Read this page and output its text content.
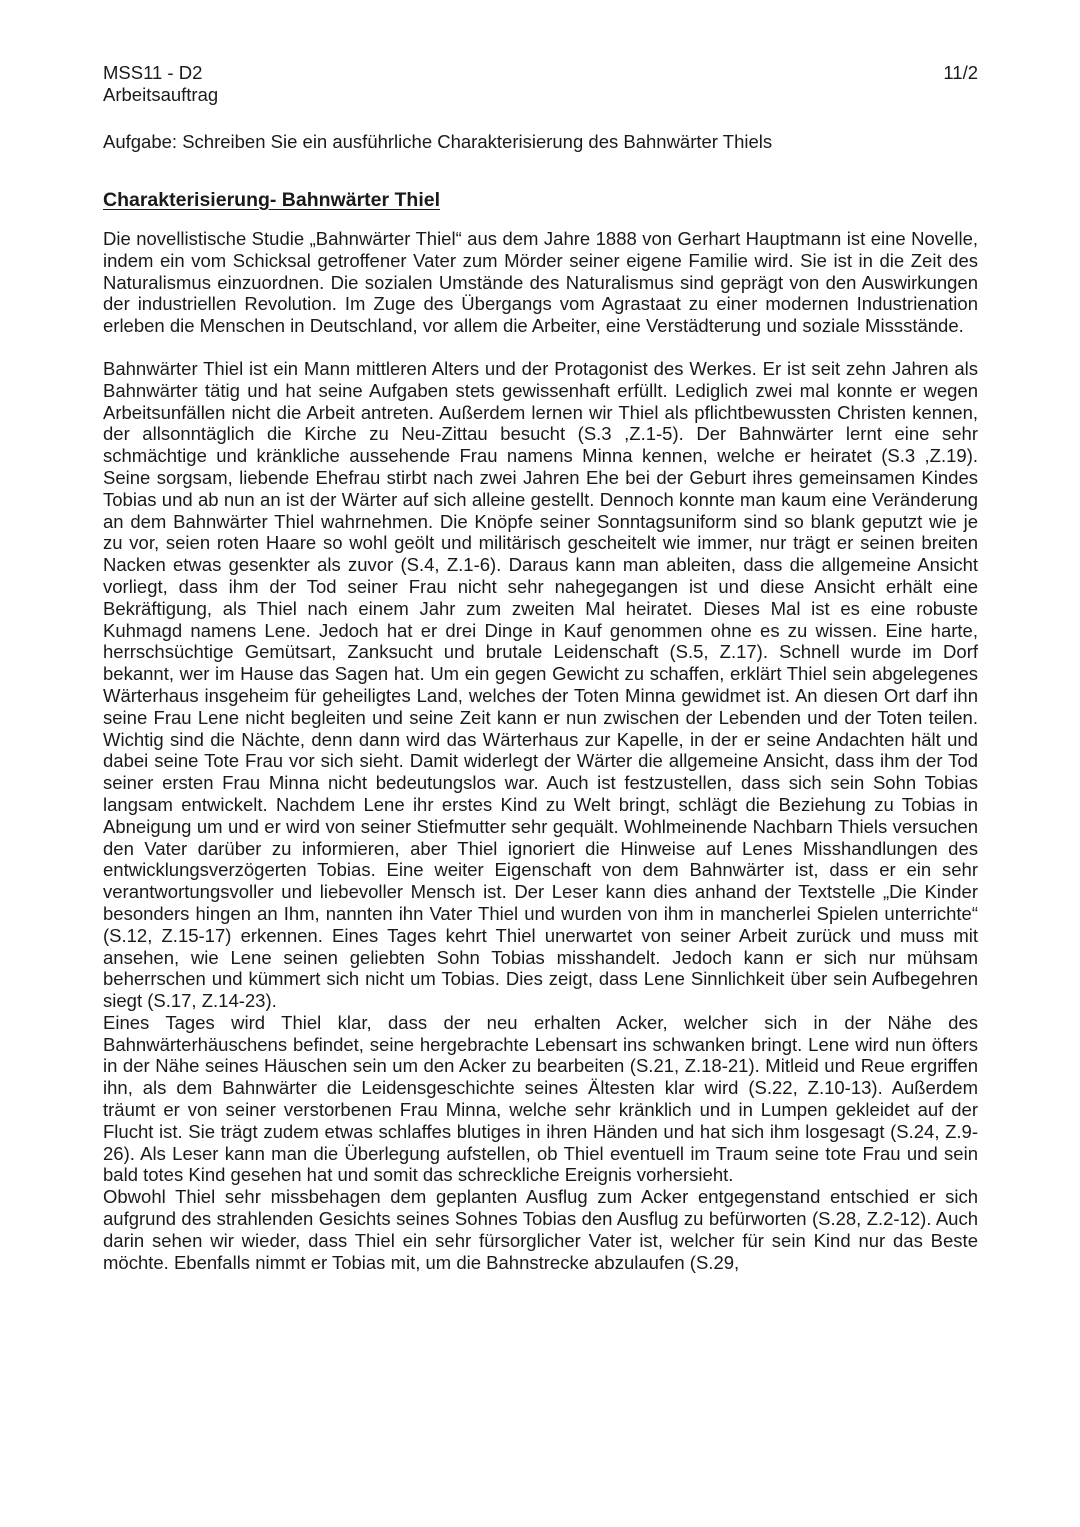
MSS11 - D2
Arbeitsauftrag
11/2
Aufgabe: Schreiben Sie ein ausführliche Charakterisierung des Bahnwärter Thiels
Charakterisierung- Bahnwärter Thiel

Die novellistische Studie „Bahnwärter Thiel“ aus dem Jahre 1888 von Gerhart Hauptmann ist eine Novelle, indem ein vom Schicksal getroffener Vater zum Mörder seiner eigene Familie wird. Sie ist in die Zeit des Naturalismus einzuordnen. Die sozialen Umstände des Naturalismus sind geprägt von den Auswirkungen der industriellen Revolution. Im Zuge des Übergangs vom Agrastaat zu einer modernen Industrienation erleben die Menschen in Deutschland, vor allem die Arbeiter, eine Verstädterung und soziale Missstände.

Bahnwärter Thiel ist ein Mann mittleren Alters und der Protagonist des Werkes. Er ist seit zehn Jahren als Bahnwärter tätig und hat seine Aufgaben stets gewissenhaft erfüllt. Lediglich zwei mal konnte er wegen Arbeitsunfällen nicht die Arbeit antreten. Außerdem lernen wir Thiel als pflichtbewussten Christen kennen, der allsonntäglich die Kirche zu Neu-Zittau besucht (S.3 ,Z.1-5). Der Bahnwärter lernt eine sehr schmächtige und kränkliche aussehende Frau namens Minna kennen, welche er heiratet (S.3 ,Z.19). Seine sorgsam, liebende Ehefrau stirbt nach zwei Jahren Ehe bei der Geburt ihres gemeinsamen Kindes Tobias und ab nun an ist der Wärter auf sich alleine gestellt. Dennoch konnte man kaum eine Veränderung an dem Bahnwärter Thiel wahrnehmen. Die Knöpfe seiner Sonntagsuniform sind so blank geputzt wie je zu vor, seien roten Haare so wohl geölt und militärisch gescheitelt wie immer, nur trägt er seinen breiten Nacken etwas gesenkter als zuvor (S.4, Z.1-6). Daraus kann man ableiten, dass die allgemeine Ansicht vorliegt, dass ihm der Tod seiner Frau nicht sehr nahegegangen ist und diese Ansicht erhält eine Bekräftigung, als Thiel nach einem Jahr zum zweiten Mal heiratet. Dieses Mal ist es eine robuste Kuhmagd namens Lene. Jedoch hat er drei Dinge in Kauf genommen ohne es zu wissen. Eine harte, herrschsüchtige Gemütsart, Zanksucht und brutale Leidenschaft (S.5, Z.17). Schnell wurde im Dorf bekannt, wer im Hause das Sagen hat. Um ein gegen Gewicht zu schaffen, erklärt Thiel sein abgelegenes Wärterhaus insgeheim für geheiligtes Land, welches der Toten Minna gewidmet ist. An diesen Ort darf ihn seine Frau Lene nicht begleiten und seine Zeit kann er nun zwischen der Lebenden und der Toten teilen. Wichtig sind die Nächte, denn dann wird das Wärterhaus zur Kapelle, in der er seine Andachten hält und dabei seine Tote Frau vor sich sieht. Damit widerlegt der Wärter die allgemeine Ansicht, dass ihm der Tod seiner ersten Frau Minna nicht bedeutungslos war. Auch ist festzustellen, dass sich sein Sohn Tobias langsam entwickelt. Nachdem Lene ihr erstes Kind zu Welt bringt, schlägt die Beziehung zu Tobias in Abneigung um und er wird von seiner Stiefmutter sehr gequält. Wohlmeinende Nachbarn Thiels versuchen den Vater darüber zu informieren, aber Thiel ignoriert die Hinweise auf Lenes Misshandlungen des entwicklungsverzögerten Tobias. Eine weiter Eigenschaft von dem Bahnwärter ist, dass er ein sehr verantwortungsvoller und liebevoller Mensch ist. Der Leser kann dies anhand der Textstelle „Die Kinder besonders hingen an Ihm, nannten ihn Vater Thiel und wurden von ihm in mancherlei Spielen unterrichte“ (S.12, Z.15-17) erkennen. Eines Tages kehrt Thiel unerwartet von seiner Arbeit zurück und muss mit ansehen, wie Lene seinen geliebten Sohn Tobias misshandelt. Jedoch kann er sich nur mühsam beherrschen und kümmert sich nicht um Tobias. Dies zeigt, dass Lene Sinnlichkeit über sein Aufbegehren siegt (S.17, Z.14-23).

Eines Tages wird Thiel klar, dass der neu erhalten Acker, welcher sich in der Nähe des Bahnwärterhäuschens befindet, seine hergebrachte Lebensart ins schwanken bringt. Lene wird nun öfters in der Nähe seines Häuschen sein um den Acker zu bearbeiten (S.21, Z.18-21). Mitleid und Reue ergriffen ihn, als dem Bahnwärter die Leidensgeschichte seines Ältesten klar wird (S.22, Z.10-13). Außerdem träumt er von seiner verstorbenen Frau Minna, welche sehr kränklich und in Lumpen gekleidet auf der Flucht ist. Sie trägt zudem etwas schlaffes blutiges in ihren Händen und hat sich ihm losgesagt (S.24, Z.9-26). Als Leser kann man die Überlegung aufstellen, ob Thiel eventuell im Traum seine tote Frau und sein bald totes Kind gesehen hat und somit das schreckliche Ereignis vorhersieht.

Obwohl Thiel sehr missbehagen dem geplanten Ausflug zum Acker entgegenstand entschied er sich aufgrund des strahlenden Gesichts seines Sohnes Tobias den Ausflug zu befürworten (S.28, Z.2-12). Auch darin sehen wir wieder, dass Thiel ein sehr fürsorglicher Vater ist, welcher für sein Kind nur das Beste möchte. Ebenfalls nimmt er Tobias mit, um die Bahnstrecke abzulaufen (S.29,
